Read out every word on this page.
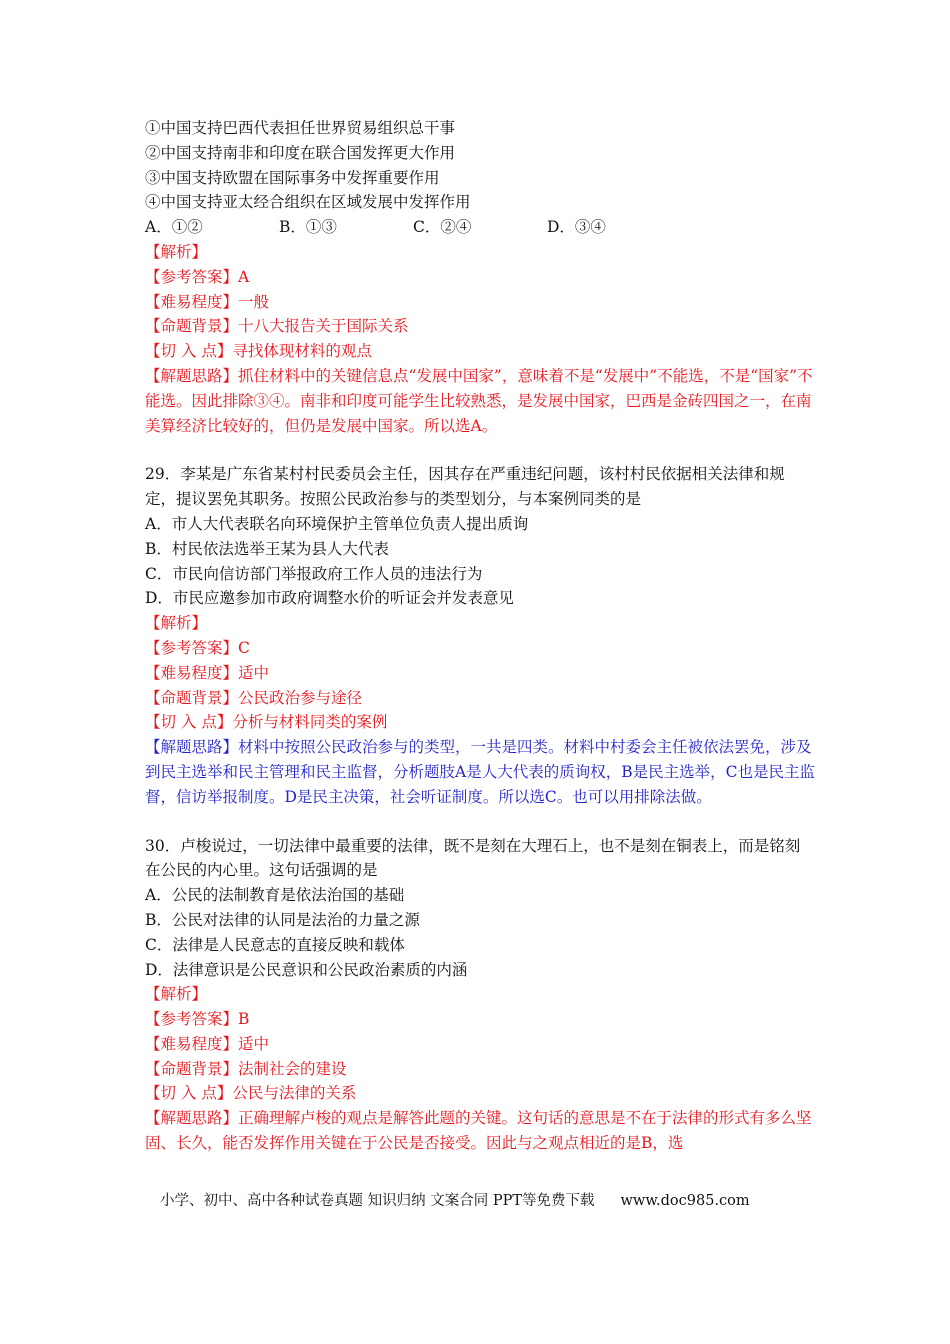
①中国支持巴西代表担任世界贸易组织总干事
②中国支持南非和印度在联合国发挥更大作用
③中国支持欧盟在国际事务中发挥重要作用
④中国支持亚太经合组织在区域发展中发挥作用
A．①②	B．①③	C．②④	D．③④
【解析】
【参考答案】A
【难易程度】一般
【命题背景】十八大报告关于国际关系
【切 入 点】寻找体现材料的观点
【解题思路】抓住材料中的关键信息点“发展中国家”，意味着不是“发展中”不能选，不是“国家”不能选。因此排除③④。南非和印度可能学生比较熟悉，是发展中国家，巴西是金砖四国之一，在南美算经济比较好的，但仍是发展中国家。所以选A。
29．李某是广东省某村村民委员会主任，因其存在严重违纪问题，该村村民依据相关法律和规定，提议罢免其职务。按照公民政治参与的类型划分，与本案例同类的是
A．市人大代表联名向环境保护主管单位负责人提出质询
B．村民依法选举王某为县人大代表
C．市民向信访部门举报政府工作人员的违法行为
D．市民应邀参加市政府调整水价的听证会并发表意见
【解析】
【参考答案】C
【难易程度】适中
【命题背景】公民政治参与途径
【切 入 点】分析与材料同类的案例
【解题思路】材料中按照公民政治参与的类型，一共是四类。材料中村委会主任被依法罢免，涉及到民主选举和民主管理和民主监督，分析题肢A是人大代表的质询权，B是民主选举，C也是民主监督，信访举报制度。D是民主决策，社会听证制度。所以选C。也可以用排除法做。
30．卢梭说过，一切法律中最重要的法律，既不是刻在大理石上，也不是刻在铜表上，而是铭刻在公民的内心里。这句话强调的是
A．公民的法制教育是依法治国的基础
B．公民对法律的认同是法治的力量之源
C．法律是人民意志的直接反映和载体
D．法律意识是公民意识和公民政治素质的内涵
【解析】
【参考答案】B
【难易程度】适中
【命题背景】法制社会的建设
【切 入 点】公民与法律的关系
【解题思路】正确理解卢梭的观点是解答此题的关键。这句话的意思是不在于法律的形式有多么坚固、长久，能否发挥作用关键在于公民是否接受。因此与之观点相近的是B，选
小学、初中、高中各种试卷真题 知识归纳 文案合同 PPT等免费下载 www.doc985.com
